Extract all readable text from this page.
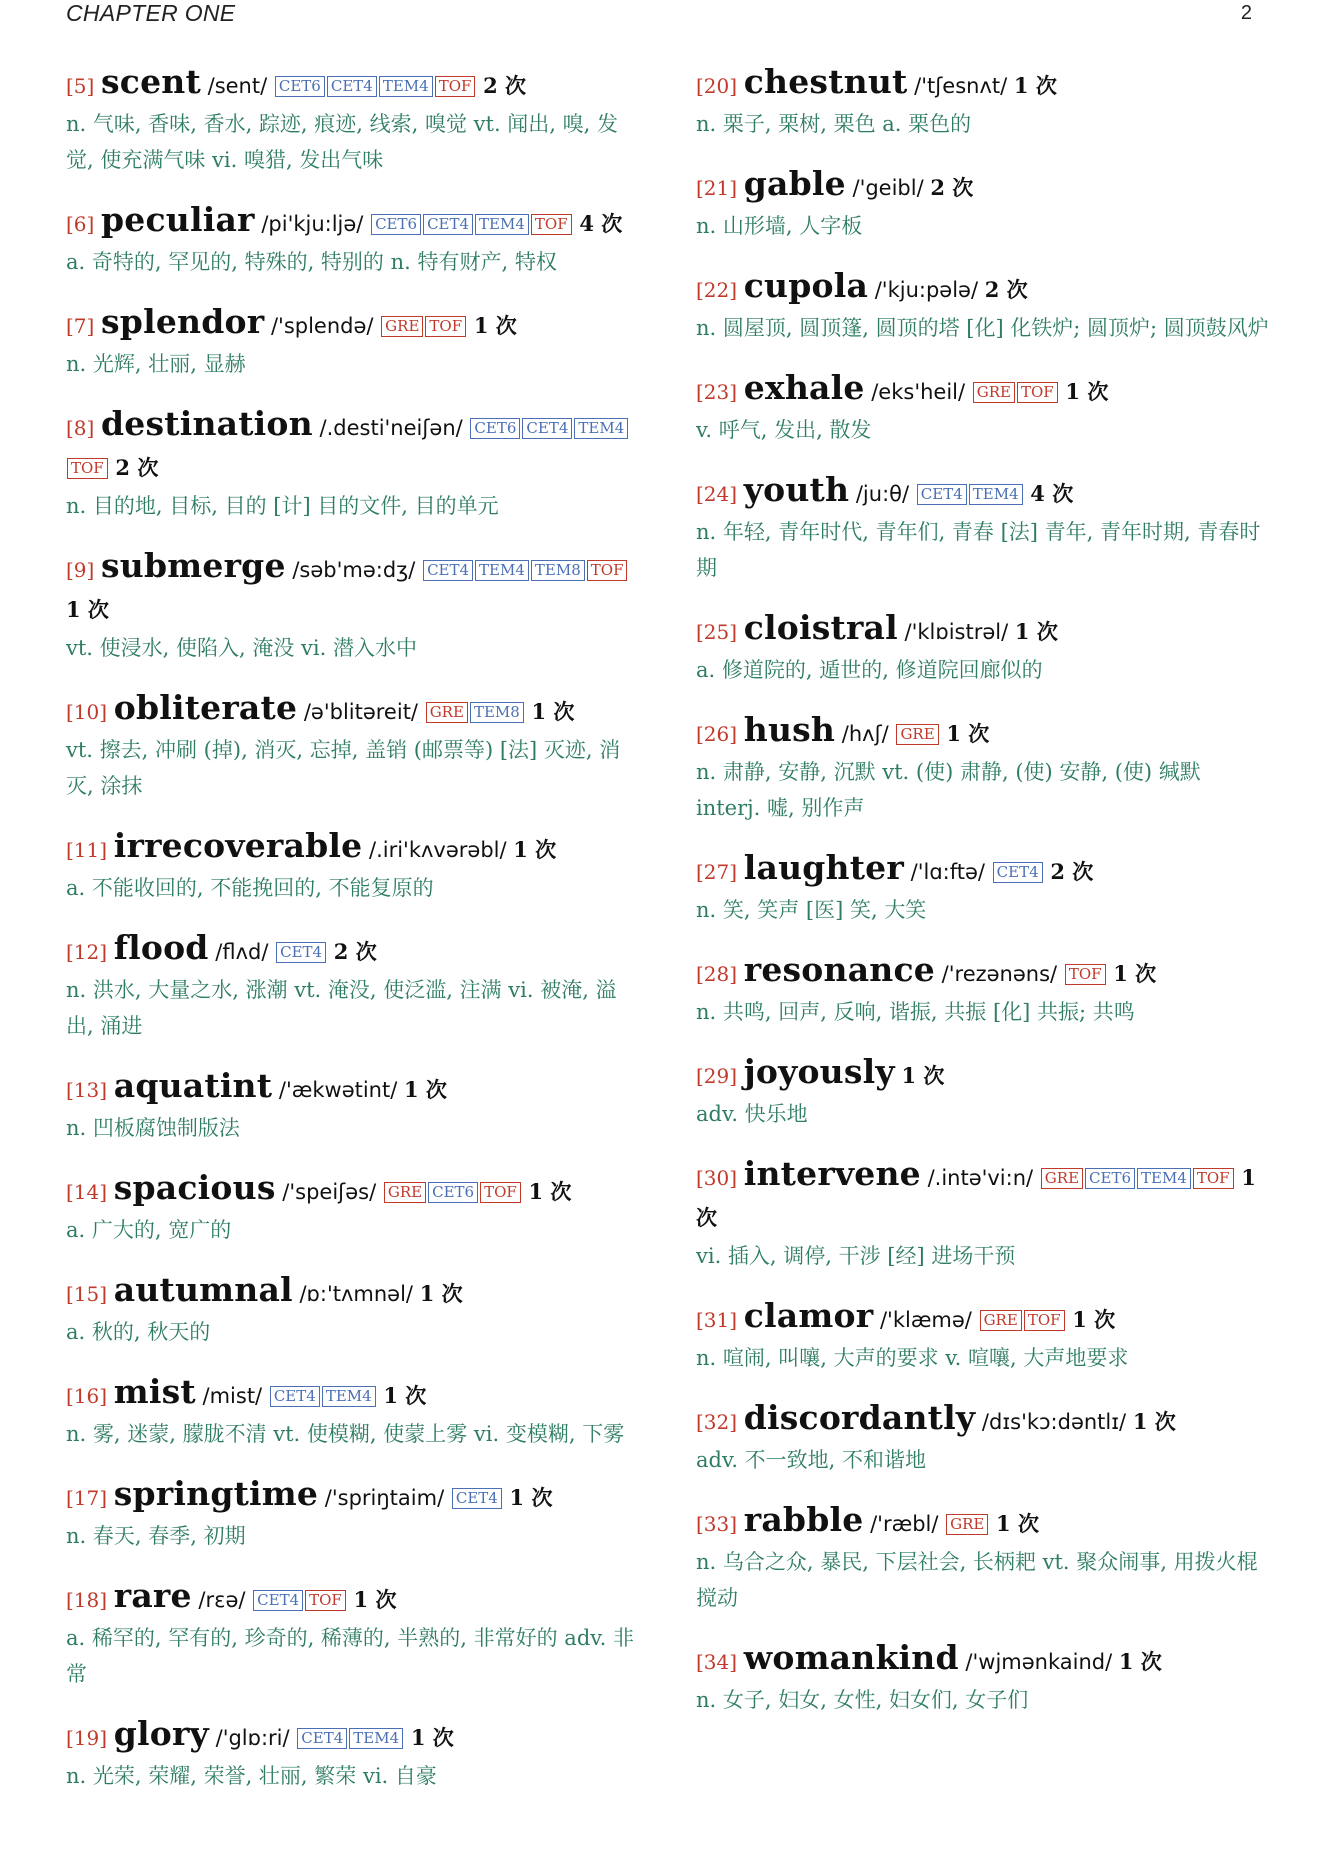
CHAPTER ONE	2
[5] scent /sent/ CET6 CET4 TEM4 TOF 2 次
n. 气味, 香味, 香水, 踪迹, 痕迹, 线索, 嗅觉 vt. 闻出, 嗅, 发觉, 使充满气味 vi. 嗅猎, 发出气味
[6] peculiar /pi'kju:ljə/ CET6 CET4 TEM4 TOF 4 次
a. 奇特的, 罕见的, 特殊的, 特别的 n. 特有财产, 特权
[7] splendor /'splendə/ GRE TOF 1 次
n. 光辉, 壮丽, 显赫
[8] destination /.desti'neiʃən/ CET6 CET4 TEM4TOF 2 次
n. 目的地, 目标, 目的 [计] 目的文件, 目的单元
[9] submerge /səb'mə:dʒ/ CET4 TEM4 TEM8 TOF 1 次
vt. 使浸水, 使陷入, 淹没 vi. 潜入水中
[10] obliterate /ə'blitəreit/ GRE TEM8 1 次
vt. 擦去, 冲刷 (掉), 消灭, 忘掉, 盖销 (邮票等) [法] 灭迹, 消灭, 涂抹
[11] irrecoverable /.iri'kʌvərəbl/ 1 次
a. 不能收回的, 不能挽回的, 不能复原的
[12] flood /flʌd/ CET4 2 次
n. 洪水, 大量之水, 涨潮 vt. 淹没, 使泛滥, 注满 vi. 被淹, 溢出, 涌进
[13] aquatint /'ækwətint/ 1 次
n. 凹板腐蚀制版法
[14] spacious /'speiʃəs/ GRE CET6 TOF 1 次
a. 广大的, 宽广的
[15] autumnal /ɒ:'tʌmnəl/ 1 次
a. 秋的, 秋天的
[16] mist /mist/ CET4 TEM4 1 次
n. 雾, 迷蒙, 朦胧不清 vt. 使模糊, 使蒙上雾 vi. 变模糊, 下雾
[17] springtime /'spriŋtaim/ CET4 1 次
n. 春天, 春季, 初期
[18] rare /rεə/ CET4 TOF 1 次
a. 稀罕的, 罕有的, 珍奇的, 稀薄的, 半熟的, 非常好的 adv. 非常
[19] glory /'glɒ:ri/ CET4 TEM4 1 次
n. 光荣, 荣耀, 荣誉, 壮丽, 繁荣 vi. 自豪
[20] chestnut /'tʃesnʌt/ 1 次
n. 栗子, 栗树, 栗色 a. 栗色的
[21] gable /'geibl/ 2 次
n. 山形墙, 人字板
[22] cupola /'kju:pələ/ 2 次
n. 圆屋顶, 圆顶篷, 圆顶的塔 [化] 化铁炉; 圆顶炉; 圆顶鼓风炉
[23] exhale /eks'heil/ GRE TOF 1 次
v. 呼气, 发出, 散发
[24] youth /ju:θ/ CET4 TEM4 4 次
n. 年轻, 青年时代, 青年们, 青春 [法] 青年, 青年时期, 青春时期
[25] cloistral /'klɒistrəl/ 1 次
a. 修道院的, 遁世的, 修道院回廊似的
[26] hush /hʌʃ/ GRE 1 次
n. 肃静, 安静, 沉默 vt. (使) 肃静, (使) 安静, (使) 缄默 interj. 嘘, 别作声
[27] laughter /'lɑ:ftə/ CET4 2 次
n. 笑, 笑声 [医] 笑, 大笑
[28] resonance /'rezənəns/ TOF 1 次
n. 共鸣, 回声, 反响, 谐振, 共振 [化] 共振; 共鸣
[29] joyously 1 次
adv. 快乐地
[30] intervene /.intə'vi:n/ GRE CET6 TEM4 TOF 1 次
vi. 插入, 调停, 干涉 [经] 进场干预
[31] clamor /'klæmə/ GRE TOF 1 次
n. 喧闹, 叫嚷, 大声的要求 v. 喧嚷, 大声地要求
[32] discordantly /dɪs'kɔ:dəntlɪ/ 1 次
adv. 不一致地, 不和谐地
[33] rabble /'ræbl/ GRE 1 次
n. 乌合之众, 暴民, 下层社会, 长柄耙 vt. 聚众闹事, 用拨火棍搅动
[34] womankind /'wjmənkaind/ 1 次
n. 女子, 妇女, 女性, 妇女们, 女子们
